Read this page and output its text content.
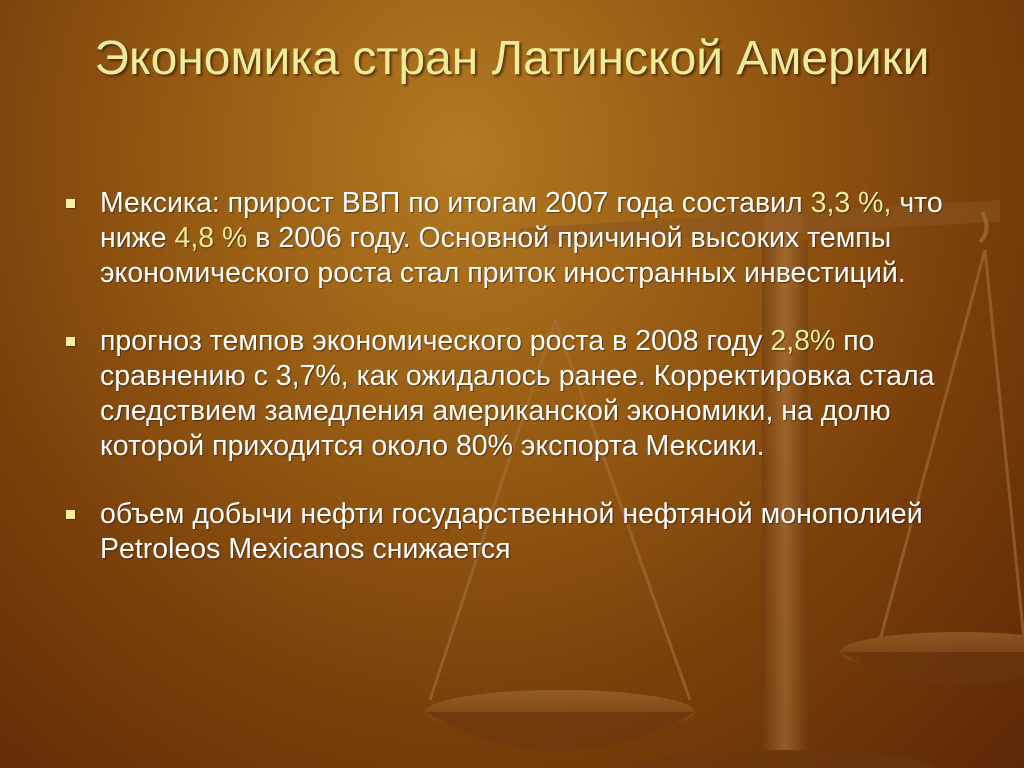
Экономика стран Латинской Америки
Мексика: прирост ВВП по итогам 2007 года составил 3,3 %, что ниже 4,8 % в 2006 году. Основной причиной высоких темпы экономического роста стал приток иностранных инвестиций.
прогноз темпов экономического роста в 2008 году 2,8% по сравнению с 3,7%, как ожидалось ранее. Корректировка стала следствием замедления американской экономики, на долю которой приходится около 80% экспорта Мексики.
объем добычи нефти государственной нефтяной монополией Petroleos Mexicanos снижается
